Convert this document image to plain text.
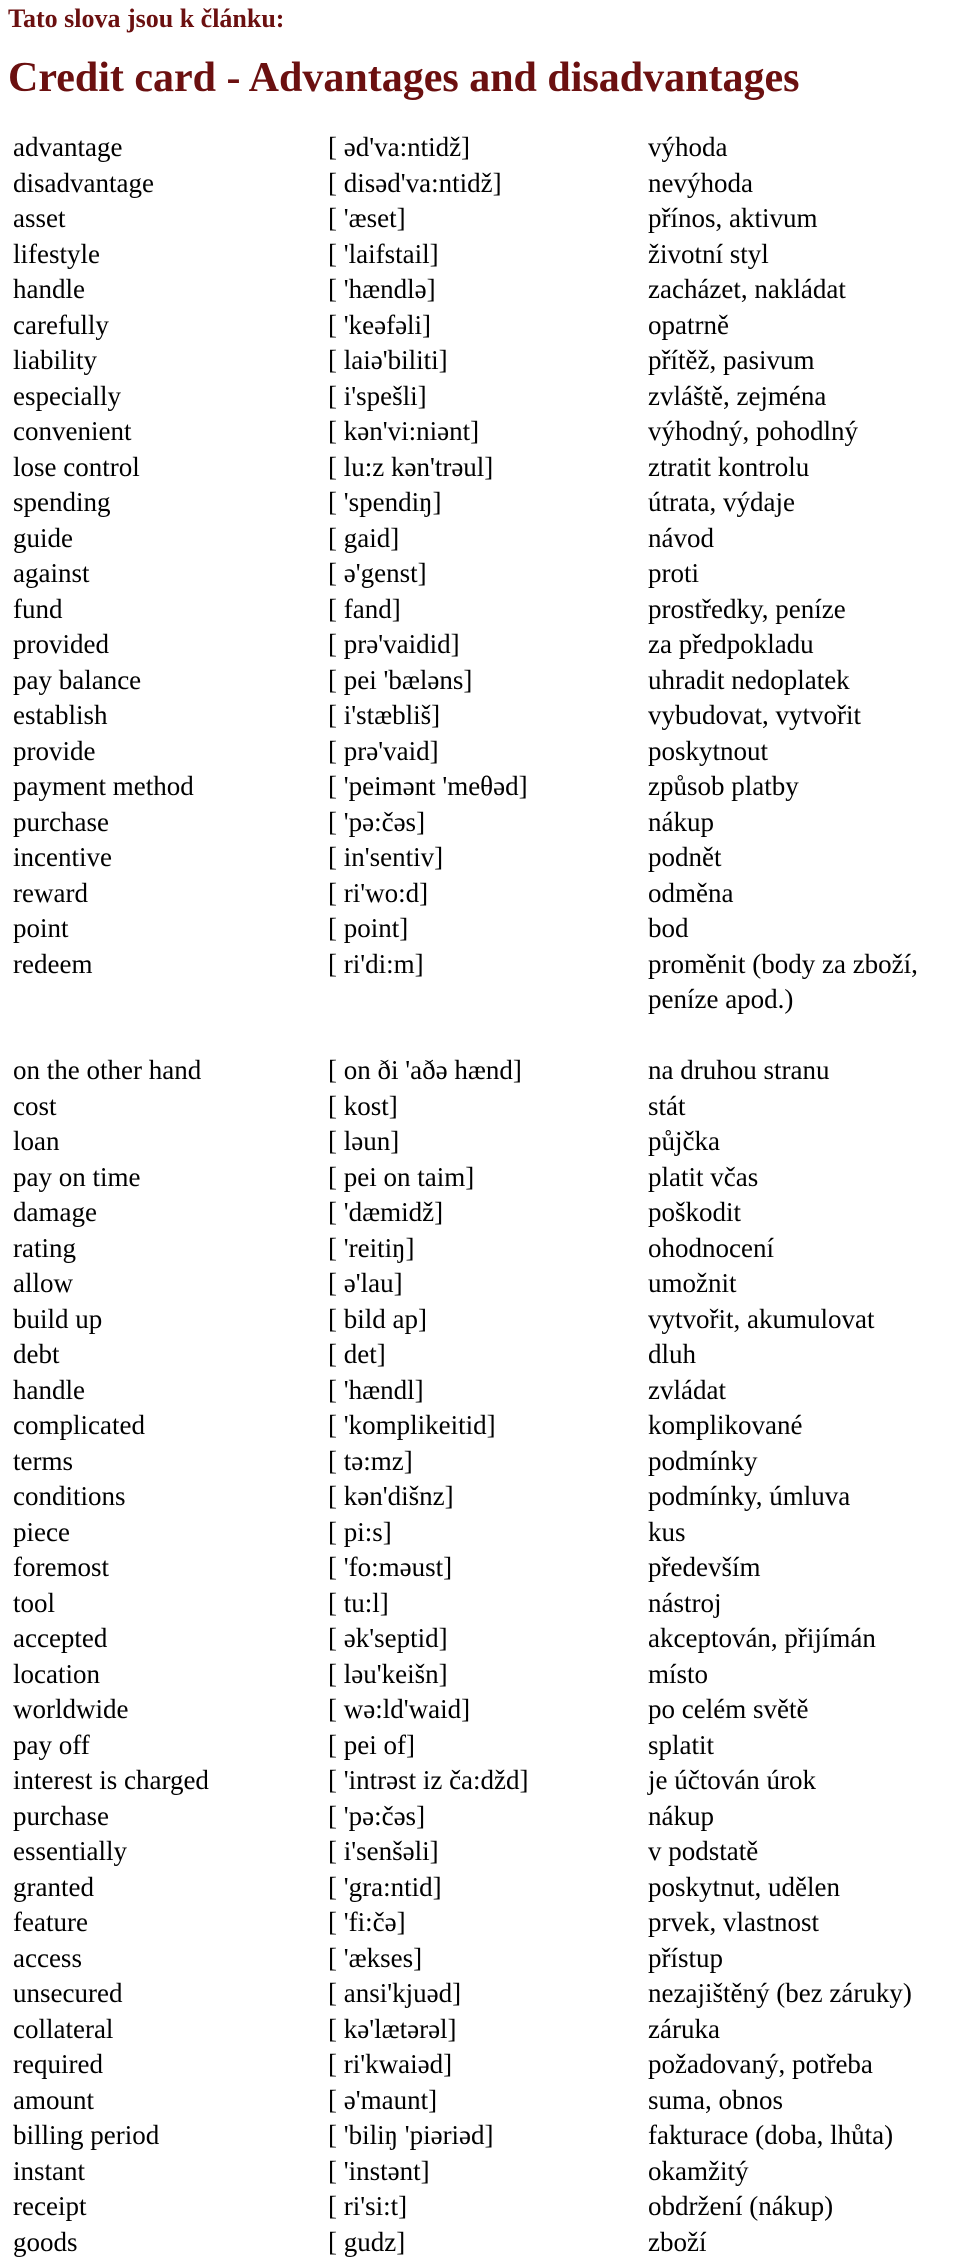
Tato slova jsou k článku:
Credit card - Advantages and disadvantages
advantage	[ əd'va:ntidž]	výhoda
disadvantage	[ disəd'va:ntidž]	nevýhoda
asset	[ 'æset]	přínos, aktivum
lifestyle	[ 'laifstail]	životní styl
handle	[ 'hændlə]	zacházet, nakládat
carefully	[ 'keəfəli]	opatrně
liability	[ laiə'biliti]	přítěž, pasivum
especially	[ i'spešli]	zvláště, zejména
convenient	[ kən'vi:niənt]	výhodný, pohodlný
lose control	[ lu:z kən'trəul]	ztratit kontrolu
spending	[ 'spendiŋ]	útrata, výdaje
guide	[ gaid]	návod
against	[ ə'genst]	proti
fund	[ fand]	prostředky, peníze
provided	[ prə'vaidid]	za předpokladu
pay balance	[ pei 'bæləns]	uhradit nedoplatek
establish	[ i'stæbliš]	vybudovat, vytvořit
provide	[ prə'vaid]	poskytnout
payment method	[ 'peimənt 'meθəd]	způsob platby
purchase	[ 'pə:čəs]	nákup
incentive	[ in'sentiv]	podnět
reward	[ ri'wo:d]	odměna
point	[ point]	bod
redeem	[ ri'di:m]	proměnit (body za zboží, peníze apod.)

on the other hand	[ on ði 'aðə hænd]	na druhou stranu
cost	[ kost]	stát
loan	[ ləun]	půjčka
pay on time	[ pei on taim]	platit včas
damage	[ 'dæmidž]	poškodit
rating	[ 'reitiŋ]	ohodnocení
allow	[ ə'lau]	umožnit
build up	[ bild ap]	vytvořit, akumulovat
debt	[ det]	dluh
handle	[ 'hændl]	zvládat
complicated	[ 'komplikeitid]	komplikované
terms	[ tə:mz]	podmínky
conditions	[ kən'dišnz]	podmínky, úmluva
piece	[ pi:s]	kus
foremost	[ 'fo:məust]	především
tool	[ tu:l]	nástroj
accepted	[ ək'septid]	akceptován, přijímán
location	[ ləu'keišn]	místo
worldwide	[ wə:ld'waid]	po celém světě
pay off	[ pei of]	splatit
interest is charged	[ 'intrəst iz ča:džd]	je účtován úrok
purchase	[ 'pə:čəs]	nákup
essentially	[ i'senšəli]	v podstatě
granted	[ 'gra:ntid]	poskytnut, udělen
feature	[ 'fi:čə]	prvek, vlastnost
access	[ 'ækses]	přístup
unsecured	[ ansi'kjuəd]	nezajištěný (bez záruky)
collateral	[ kə'lætərəl]	záruka
required	[ ri'kwaiəd]	požadovaný, potřeba
amount	[ ə'maunt]	suma, obnos
billing period	[ 'biliŋ 'piəriəd]	fakturace (doba, lhůta)
instant	[ 'instənt]	okamžitý
receipt	[ ri'si:t]	obdržení (nákup)
goods	[ gudz]	zboží
